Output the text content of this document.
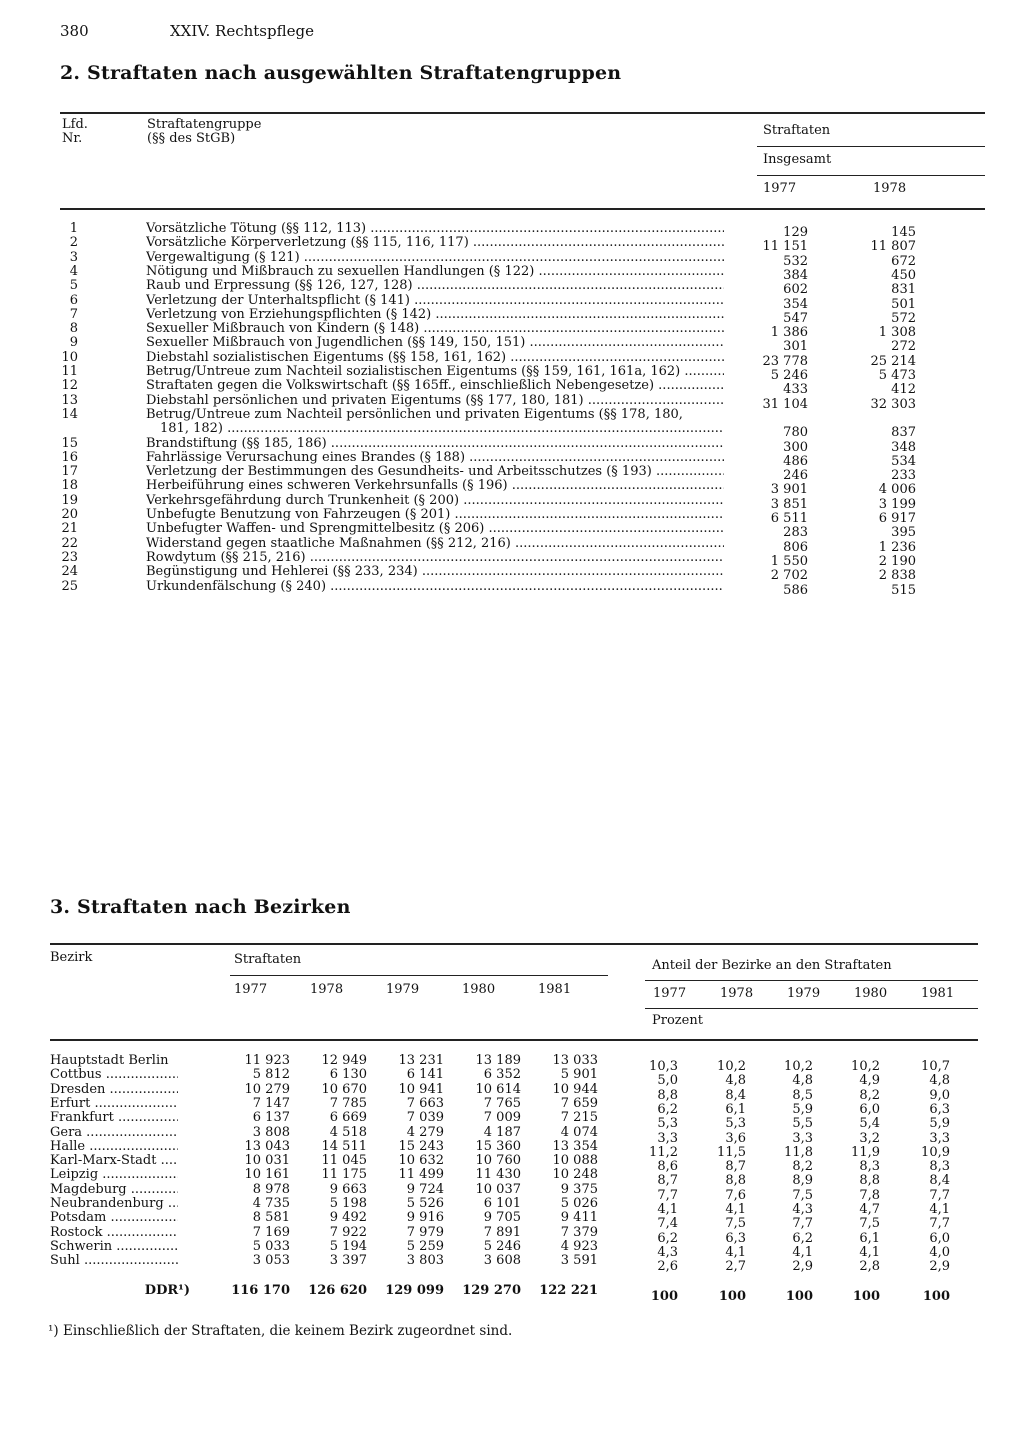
380	XXIV. Rechtspflege
2. Straftaten nach ausgewählten Straftatengruppen
Lfd.
Nr.
Straftatengruppe
(§§ des StGB)
Straftaten
Insgesamt
1977	1978
1	Vorsätzliche Tötung (§§ 112, 113) .....	129	145
2	Vorsätzliche Körperverletzung (§§ 115, 116, 117) .....	11 151	11 807
3	Vergewaltigung (§ 121) .....	532	672
4	Nötigung und Mißbrauch zu sexuellen Handlungen (§ 122) .....	384	450
5	Raub und Erpressung (§§ 126, 127, 128) .....	602	831
6	Verletzung der Unterhaltspflicht (§ 141) .....	354	501
7	Verletzung von Erziehungspflichten (§ 142) .....	547	572
8	Sexueller Mißbrauch von Kindern (§ 148) .....	1 386	1 308
9	Sexueller Mißbrauch von Jugendlichen (§§ 149, 150, 151) .....	301	272
10	Diebstahl sozialistischen Eigentums (§§ 158, 161, 162) .....	23 778	25 214
11	Betrug/Untreue zum Nachteil sozialistischen Eigentums (§§ 159, 161, 161a, 162) .....	5 246	5 473
12	Straftaten gegen die Volkswirtschaft (§§ 165ff., einschließlich Nebengesetze) .....	433	412
13	Diebstahl persönlichen und privaten Eigentums (§§ 177, 180, 181) .....	31 104	32 303
14	Betrug/Untreue zum Nachteil persönlichen und privaten Eigentums (§§ 178, 180,
181, 182) .....	780	837
15	Brandstiftung (§§ 185, 186) .....	300	348
16	Fahrlässige Verursachung eines Brandes (§ 188) .....	486	534
17	Verletzung der Bestimmungen des Gesundheits- und Arbeitsschutzes (§ 193) .....	246	233
18	Herbeiführung eines schweren Verkehrsunfalls (§ 196) .....	3 901	4 006
19	Verkehrsgefährdung durch Trunkenheit (§ 200) .....	3 851	3 199
20	Unbefugte Benutzung von Fahrzeugen (§ 201) .....	6 511	6 917
21	Unbefugter Waffen- und Sprengmittelbesitz (§ 206) .....	283	395
22	Widerstand gegen staatliche Maßnahmen (§§ 212, 216) .....	806	1 236
23	Rowdytum (§§ 215, 216) .....	1 550	2 190
24	Begünstigung und Hehlerei (§§ 233, 234) .....	2 702	2 838
25	Urkundenfälschung (§ 240) .....	586	515
3. Straftaten nach Bezirken
Bezirk	Straftaten	Anteil der Bezirke an den Straftaten
1977	1977
1978	1978
1979	1979
1980	1980
1981	1981
Prozent
Hauptstadt Berlin	11 923	12 949	13 231	13 189	13 033	10,3	10,2	10,2	10,2	10,7
Cottbus .....	5 812	6 130	6 141	6 352	5 901	5,0	4,8	4,8	4,9	4,8
Dresden .....	10 279	10 670	10 941	10 614	10 944	8,8	8,4	8,5	8,2	9,0
Erfurt .....	7 147	7 785	7 663	7 765	7 659	6,2	6,1	5,9	6,0	6,3
Frankfurt .....	6 137	6 669	7 039	7 009	7 215	5,3	5,3	5,5	5,4	5,9
Gera .....	3 808	4 518	4 279	4 187	4 074	3,3	3,6	3,3	3,2	3,3
Halle .....	13 043	14 511	15 243	15 360	13 354	11,2	11,5	11,8	11,9	10,9
Karl-Marx-Stadt .....	10 031	11 045	10 632	10 760	10 088	8,6	8,7	8,2	8,3	8,3
Leipzig .....	10 161	11 175	11 499	11 430	10 248	8,7	8,8	8,9	8,8	8,4
Magdeburg .....	8 978	9 663	9 724	10 037	9 375	7,7	7,6	7,5	7,8	7,7
Neubrandenburg .....	4 735	5 198	5 526	6 101	5 026	4,1	4,1	4,3	4,7	4,1
Potsdam .....	8 581	9 492	9 916	9 705	9 411	7,4	7,5	7,7	7,5	7,7
Rostock .....	7 169	7 922	7 979	7 891	7 379	6,2	6,3	6,2	6,1	6,0
Schwerin .....	5 033	5 194	5 259	5 246	4 923	4,3	4,1	4,1	4,1	4,0
Suhl .....	3 053	3 397	3 803	3 608	3 591	2,6	2,7	2,9	2,8	2,9
DDR¹)	116 170	126 620	129 099	129 270	122 221	100	100	100	100	100
¹) Einschließlich der Straftaten, die keinem Bezirk zugeordnet sind.
